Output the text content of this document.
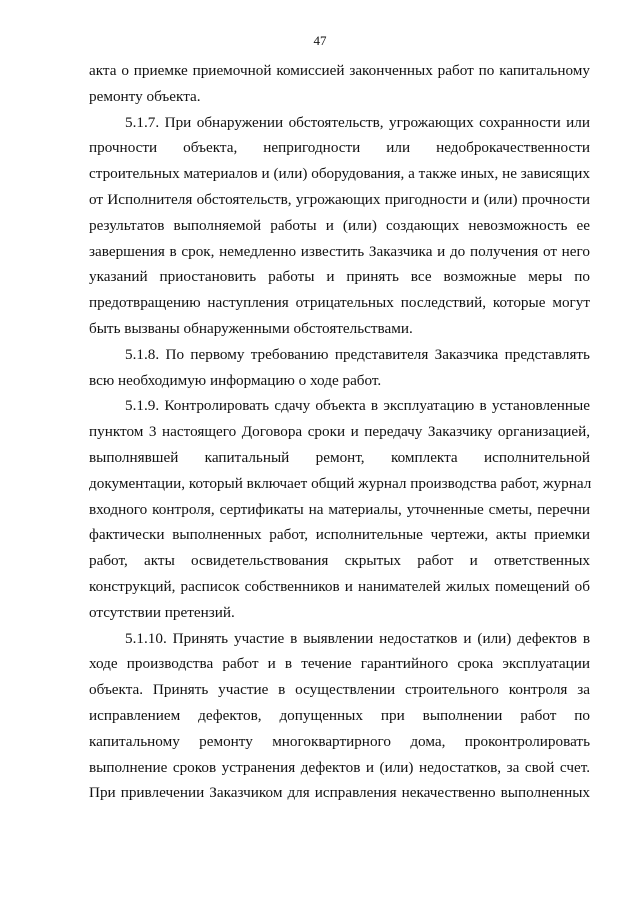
47
акта о приемке приемочной комиссией законченных работ по капитальному
ремонту объекта.
5.1.7. При обнаружении обстоятельств, угрожающих сохранности или
прочности объекта, непригодности или недоброкачественности
строительных материалов и (или) оборудования, а также иных, не зависящих
от Исполнителя обстоятельств, угрожающих пригодности и (или) прочности
результатов выполняемой работы и (или) создающих невозможность ее
завершения в срок, немедленно известить Заказчика и до получения от него
указаний приостановить работы и принять все возможные меры по
предотвращению наступления отрицательных последствий, которые могут
быть вызваны обнаруженными обстоятельствами.
5.1.8. По первому требованию представителя Заказчика представлять
всю необходимую информацию о ходе работ.
5.1.9. Контролировать сдачу объекта в эксплуатацию в установленные
пунктом 3 настоящего Договора сроки и передачу Заказчику организацией,
выполнявшей капитальный ремонт, комплекта исполнительной
документации, который включает общий журнал производства работ, журнал
входного контроля, сертификаты на материалы, уточненные сметы, перечни
фактически выполненных работ, исполнительные чертежи, акты приемки
работ, акты освидетельствования скрытых работ и ответственных
конструкций, расписок собственников и нанимателей жилых помещений об
отсутствии претензий.
5.1.10. Принять участие в выявлении недостатков и (или) дефектов в
ходе производства работ и в течение гарантийного срока эксплуатации
объекта. Принять участие в осуществлении строительного контроля за
исправлением дефектов, допущенных при выполнении работ по
капитальному ремонту многоквартирного дома, проконтролировать
выполнение сроков устранения дефектов и (или) недостатков, за свой счет.
При привлечении Заказчиком для исправления некачественно выполненных
